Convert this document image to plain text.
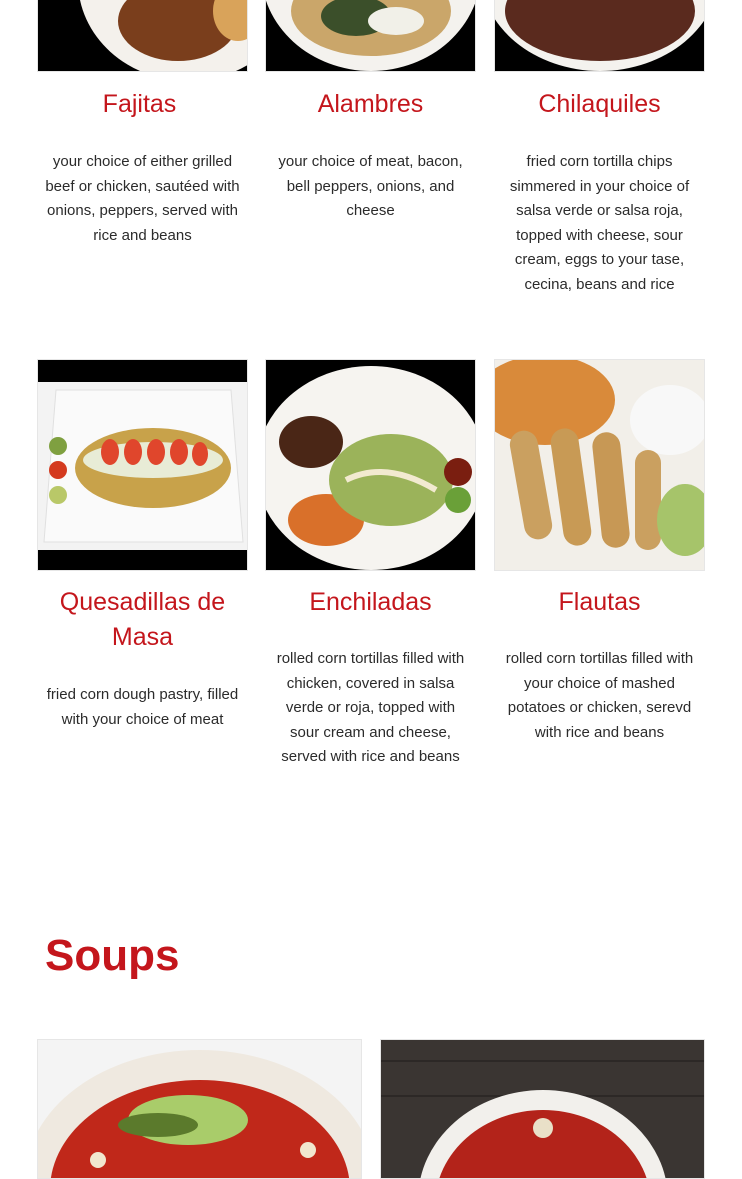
Fajitas	Alambres	Chilaquiles
your choice of either grilled beef or chicken, sautéed with onions, peppers, served with rice and beans
your choice of meat, bacon, bell peppers, onions, and cheese
fried corn tortilla chips simmered in your choice of salsa verde or salsa roja, topped with cheese, sour cream, eggs to your tase, cecina, beans and rice
Quesadillas de Masa
Enchiladas	Flautas
fried corn dough pastry, filled with your choice of meat
rolled corn tortillas filled with chicken, covered in salsa verde or roja, topped with sour cream and cheese, served with rice and beans
rolled corn tortillas filled with your choice of mashed potatoes or chicken, serevd with rice and beans
Soups
